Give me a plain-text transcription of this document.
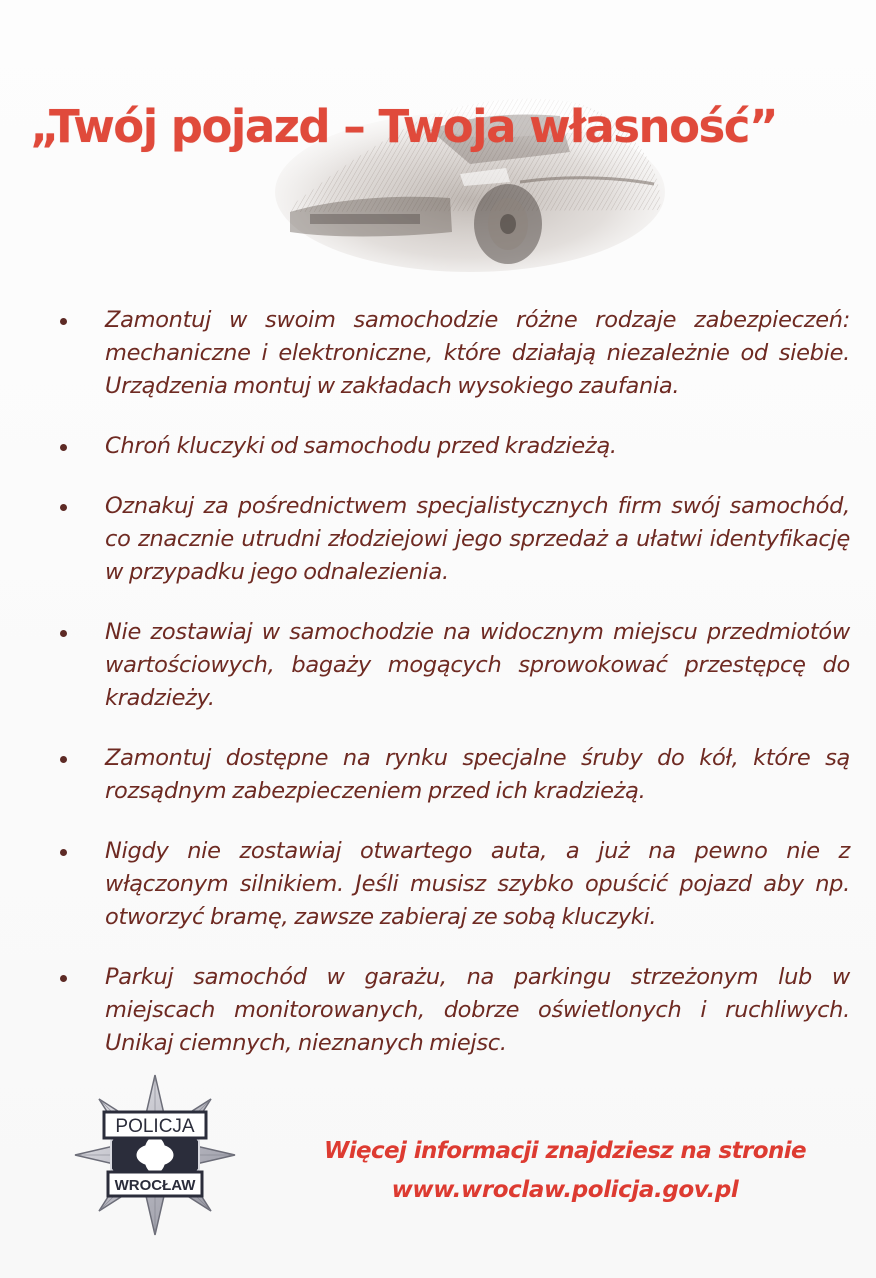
„Twój pojazd – Twoja własność”
Zamontuj w swoim samochodzie różne rodzaje zabezpieczeń: mechaniczne i elektroniczne, które działają niezależnie od siebie. Urządzenia montuj w zakładach wysokiego zaufania.
Chroń kluczyki od samochodu przed kradzieżą.
Oznakuj za pośrednictwem specjalistycznych firm swój samochód, co znacznie utrudni złodziejowi jego sprzedaż a ułatwi identyfikację w przypadku jego odnalezienia.
Nie zostawiaj w samochodzie na widocznym miejscu przedmiotów wartościowych, bagaży mogących sprowokować przestępcę do kradzieży.
Zamontuj dostępne na rynku specjalne śruby do kół, które są rozsądnym zabezpieczeniem przed ich kradzieżą.
Nigdy nie zostawiaj otwartego auta, a już na pewno nie z włączonym silnikiem. Jeśli musisz szybko opuścić pojazd aby np. otworzyć bramę, zawsze zabieraj ze sobą kluczyki.
Parkuj samochód w garażu, na parkingu strzeżonym lub w miejscach monitorowanych, dobrze oświetlonych i ruchliwych. Unikaj ciemnych, nieznanych miejsc.
POLICJA
WROCŁAW
Więcej informacji znajdziesz na stronie
www.wroclaw.policja.gov.pl
